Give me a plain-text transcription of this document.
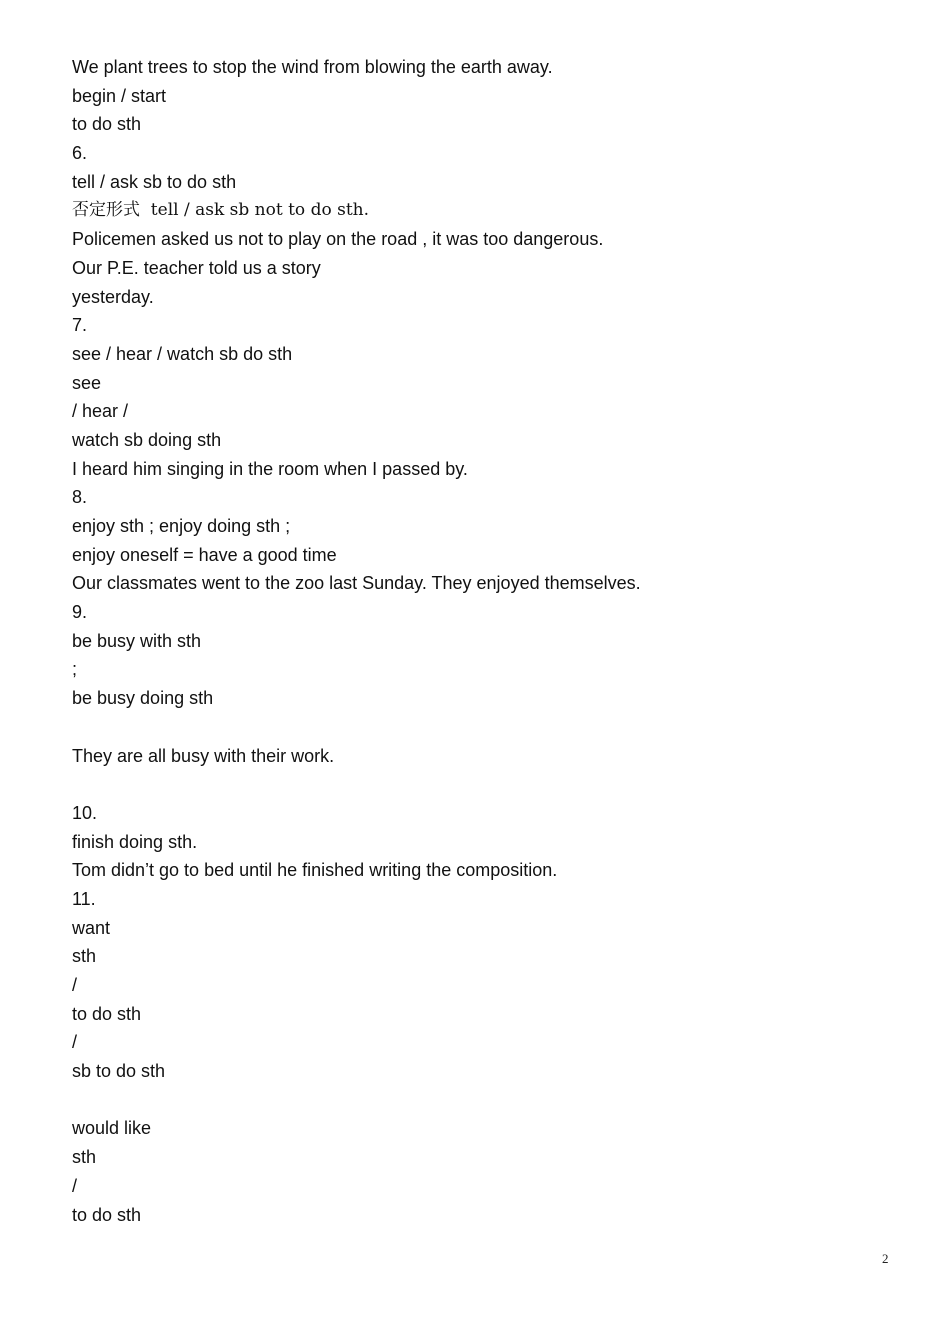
We plant trees to stop the wind from blowing the earth away.
begin / start
to do sth
6.
tell / ask sb to do sth
否定形式  tell / ask sb not to do sth.
Policemen asked us not to play on the road , it was too dangerous.
Our P.E. teacher told us a story
yesterday.
7.
see / hear / watch sb do sth
see
/ hear /
watch sb doing sth
I heard him singing in the room when I passed by.
8.
enjoy sth ; enjoy doing sth ;
enjoy oneself = have a good time
Our classmates went to the zoo last Sunday. They enjoyed themselves.
9.
be busy with sth
;
be busy doing sth
They are all busy with their work.
10.
finish doing sth.
Tom didn’t go to bed until he finished writing the composition.
11.
want
sth
/
to do sth
/
sb to do sth
would like
sth
/
to do sth
2
